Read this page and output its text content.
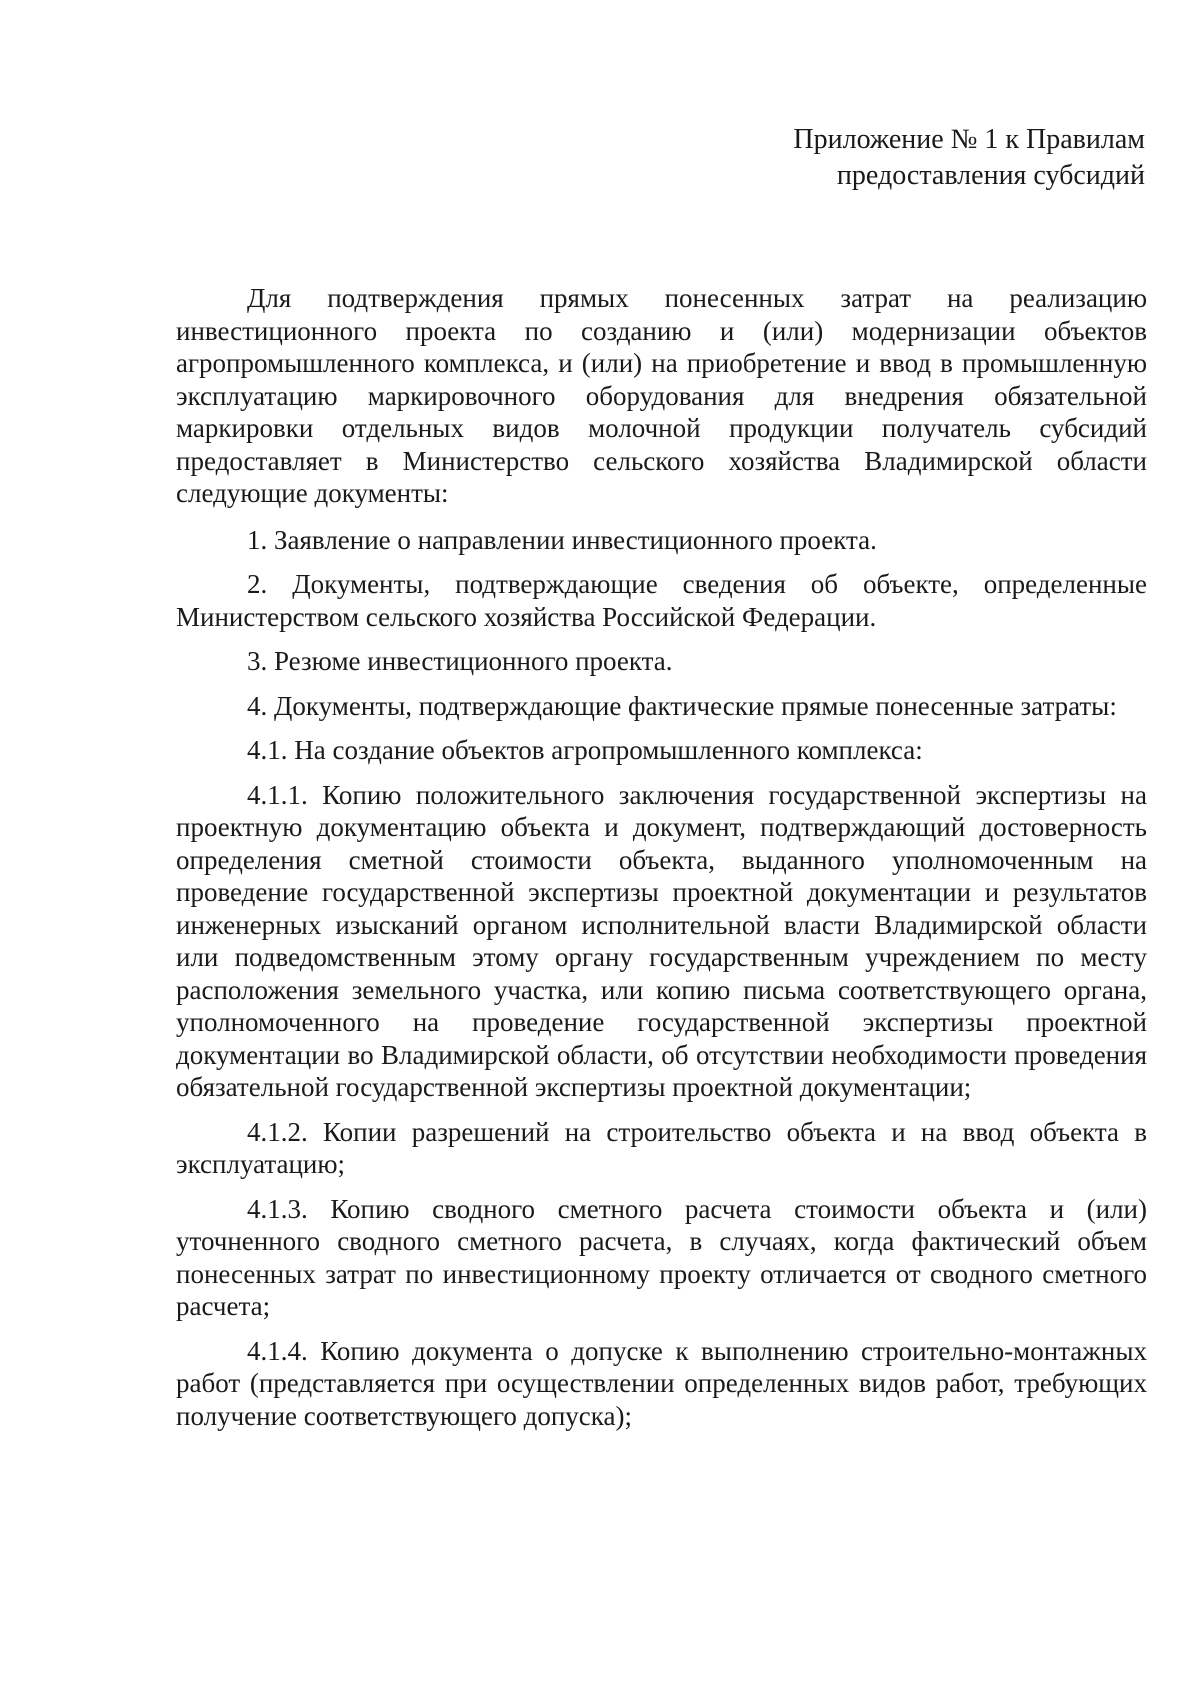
Приложение № 1 к Правилам
предоставления субсидий

Для подтверждения прямых понесенных затрат на реализацию инвестиционного проекта по созданию и (или) модернизации объектов агропромышленного комплекса, и (или) на приобретение и ввод в промышленную эксплуатацию маркировочного оборудования для внедрения обязательной маркировки отдельных видов молочной продукции получатель субсидий предоставляет в Министерство сельского хозяйства Владимирской области следующие документы:

1. Заявление о направлении инвестиционного проекта.

2. Документы, подтверждающие сведения об объекте, определенные Министерством сельского хозяйства Российской Федерации.

3. Резюме инвестиционного проекта.

4. Документы, подтверждающие фактические прямые понесенные затраты:

4.1. На создание объектов агропромышленного комплекса:

4.1.1. Копию положительного заключения государственной экспертизы на проектную документацию объекта и документ, подтверждающий достоверность определения сметной стоимости объекта, выданного уполномоченным на проведение государственной экспертизы проектной документации и результатов инженерных изысканий органом исполнительной власти Владимирской области или подведомственным этому органу государственным учреждением по месту расположения земельного участка, или копию письма соответствующего органа, уполномоченного на проведение государственной экспертизы проектной документации во Владимирской области, об отсутствии необходимости проведения обязательной государственной экспертизы проектной документации;

4.1.2. Копии разрешений на строительство объекта и на ввод объекта в эксплуатацию;

4.1.3. Копию сводного сметного расчета стоимости объекта и (или) уточненного сводного сметного расчета, в случаях, когда фактический объем понесенных затрат по инвестиционному проекту отличается от сводного сметного расчета;

4.1.4. Копию документа о допуске к выполнению строительно-монтажных работ (представляется при осуществлении определенных видов работ, требующих получение соответствующего допуска);
